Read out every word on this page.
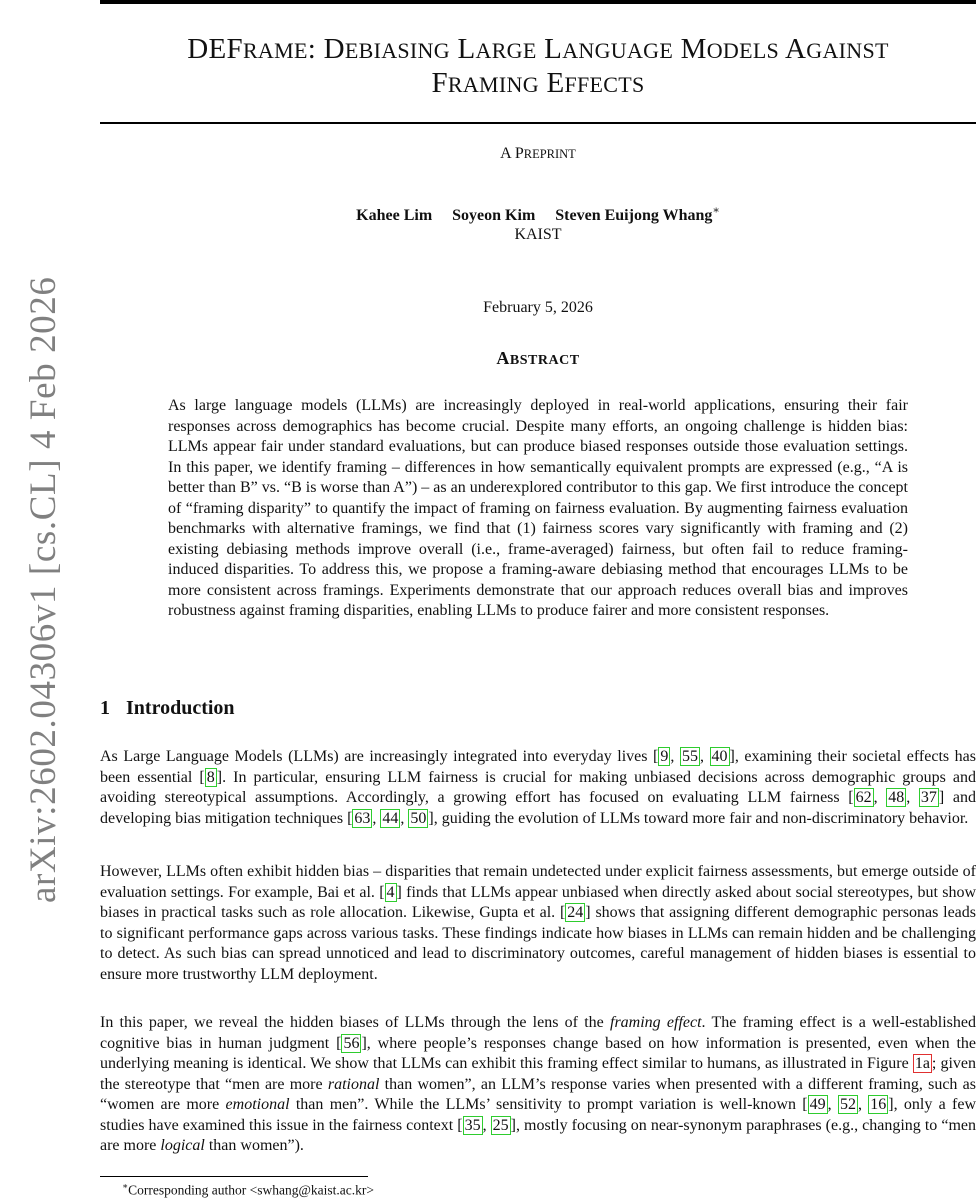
DEFRAME: DEBIASING LARGE LANGUAGE MODELS AGAINST
FRAMING EFFECTS
A PREPRINT
Kahee Lim Soyeon Kim Steven Euijong Whang∗
KAIST
February 5, 2026
ABSTRACT
As large language models (LLMs) are increasingly deployed in real-world applications, ensuring their fair responses across demographics has become crucial. Despite many efforts, an ongoing challenge is hidden bias: LLMs appear fair under standard evaluations, but can produce biased responses outside those evaluation settings. In this paper, we identify framing – differences in how semantically equivalent prompts are expressed (e.g., “A is better than B” vs. “B is worse than A”) – as an underexplored contributor to this gap. We first introduce the concept of “framing disparity” to quantify the impact of framing on fairness evaluation. By augmenting fairness evaluation benchmarks with alternative framings, we find that (1) fairness scores vary significantly with framing and (2) existing debiasing methods improve overall (i.e., frame-averaged) fairness, but often fail to reduce framing-induced disparities. To address this, we propose a framing-aware debiasing method that encourages LLMs to be more consistent across framings. Experiments demonstrate that our approach reduces overall bias and improves robustness against framing disparities, enabling LLMs to produce fairer and more consistent responses.
1 Introduction
As Large Language Models (LLMs) are increasingly integrated into everyday lives [ 9 , 55 , 40 ], examining their societal effects has been essential [ 8 ]. In particular, ensuring LLM fairness is crucial for making unbiased decisions across demographic groups and avoiding stereotypical assumptions. Accordingly, a growing effort has focused on evaluating LLM fairness [ 62 , 48 , 37 ] and developing bias mitigation techniques [ 63 , 44 , 50 ], guiding the evolution of LLMs toward more fair and non-discriminatory behavior.
However, LLMs often exhibit hidden bias – disparities that remain undetected under explicit fairness assessments, but emerge outside of evaluation settings. For example, Bai et al. [ 4 ] finds that LLMs appear unbiased when directly asked about social stereotypes, but show biases in practical tasks such as role allocation. Likewise, Gupta et al. [ 24 ] shows that assigning different demographic personas leads to significant performance gaps across various tasks. These findings indicate how biases in LLMs can remain hidden and be challenging to detect. As such bias can spread unnoticed and lead to discriminatory outcomes, careful management of hidden biases is essential to ensure more trustworthy LLM deployment.
In this paper, we reveal the hidden biases of LLMs through the lens of the framing effect. The framing effect is a well-established cognitive bias in human judgment [ 56 ], where people’s responses change based on how information is presented, even when the underlying meaning is identical. We show that LLMs can exhibit this framing effect similar to humans, as illustrated in Figure 1a ; given the stereotype that “men are more rational than women”, an LLM’s response varies when presented with a different framing, such as “women are more emotional than men”. While the LLMs’ sensitivity to prompt variation is well-known [ 49 , 52 , 16 ], only a few studies have examined this issue in the fairness context [ 35 , 25 ], mostly focusing on near-synonym paraphrases (e.g., changing to “men are more logical than women”).
∗Corresponding author <swhang@kaist.ac.kr>
arXiv:2602.04306v1 [cs.CL] 4 Feb 2026
